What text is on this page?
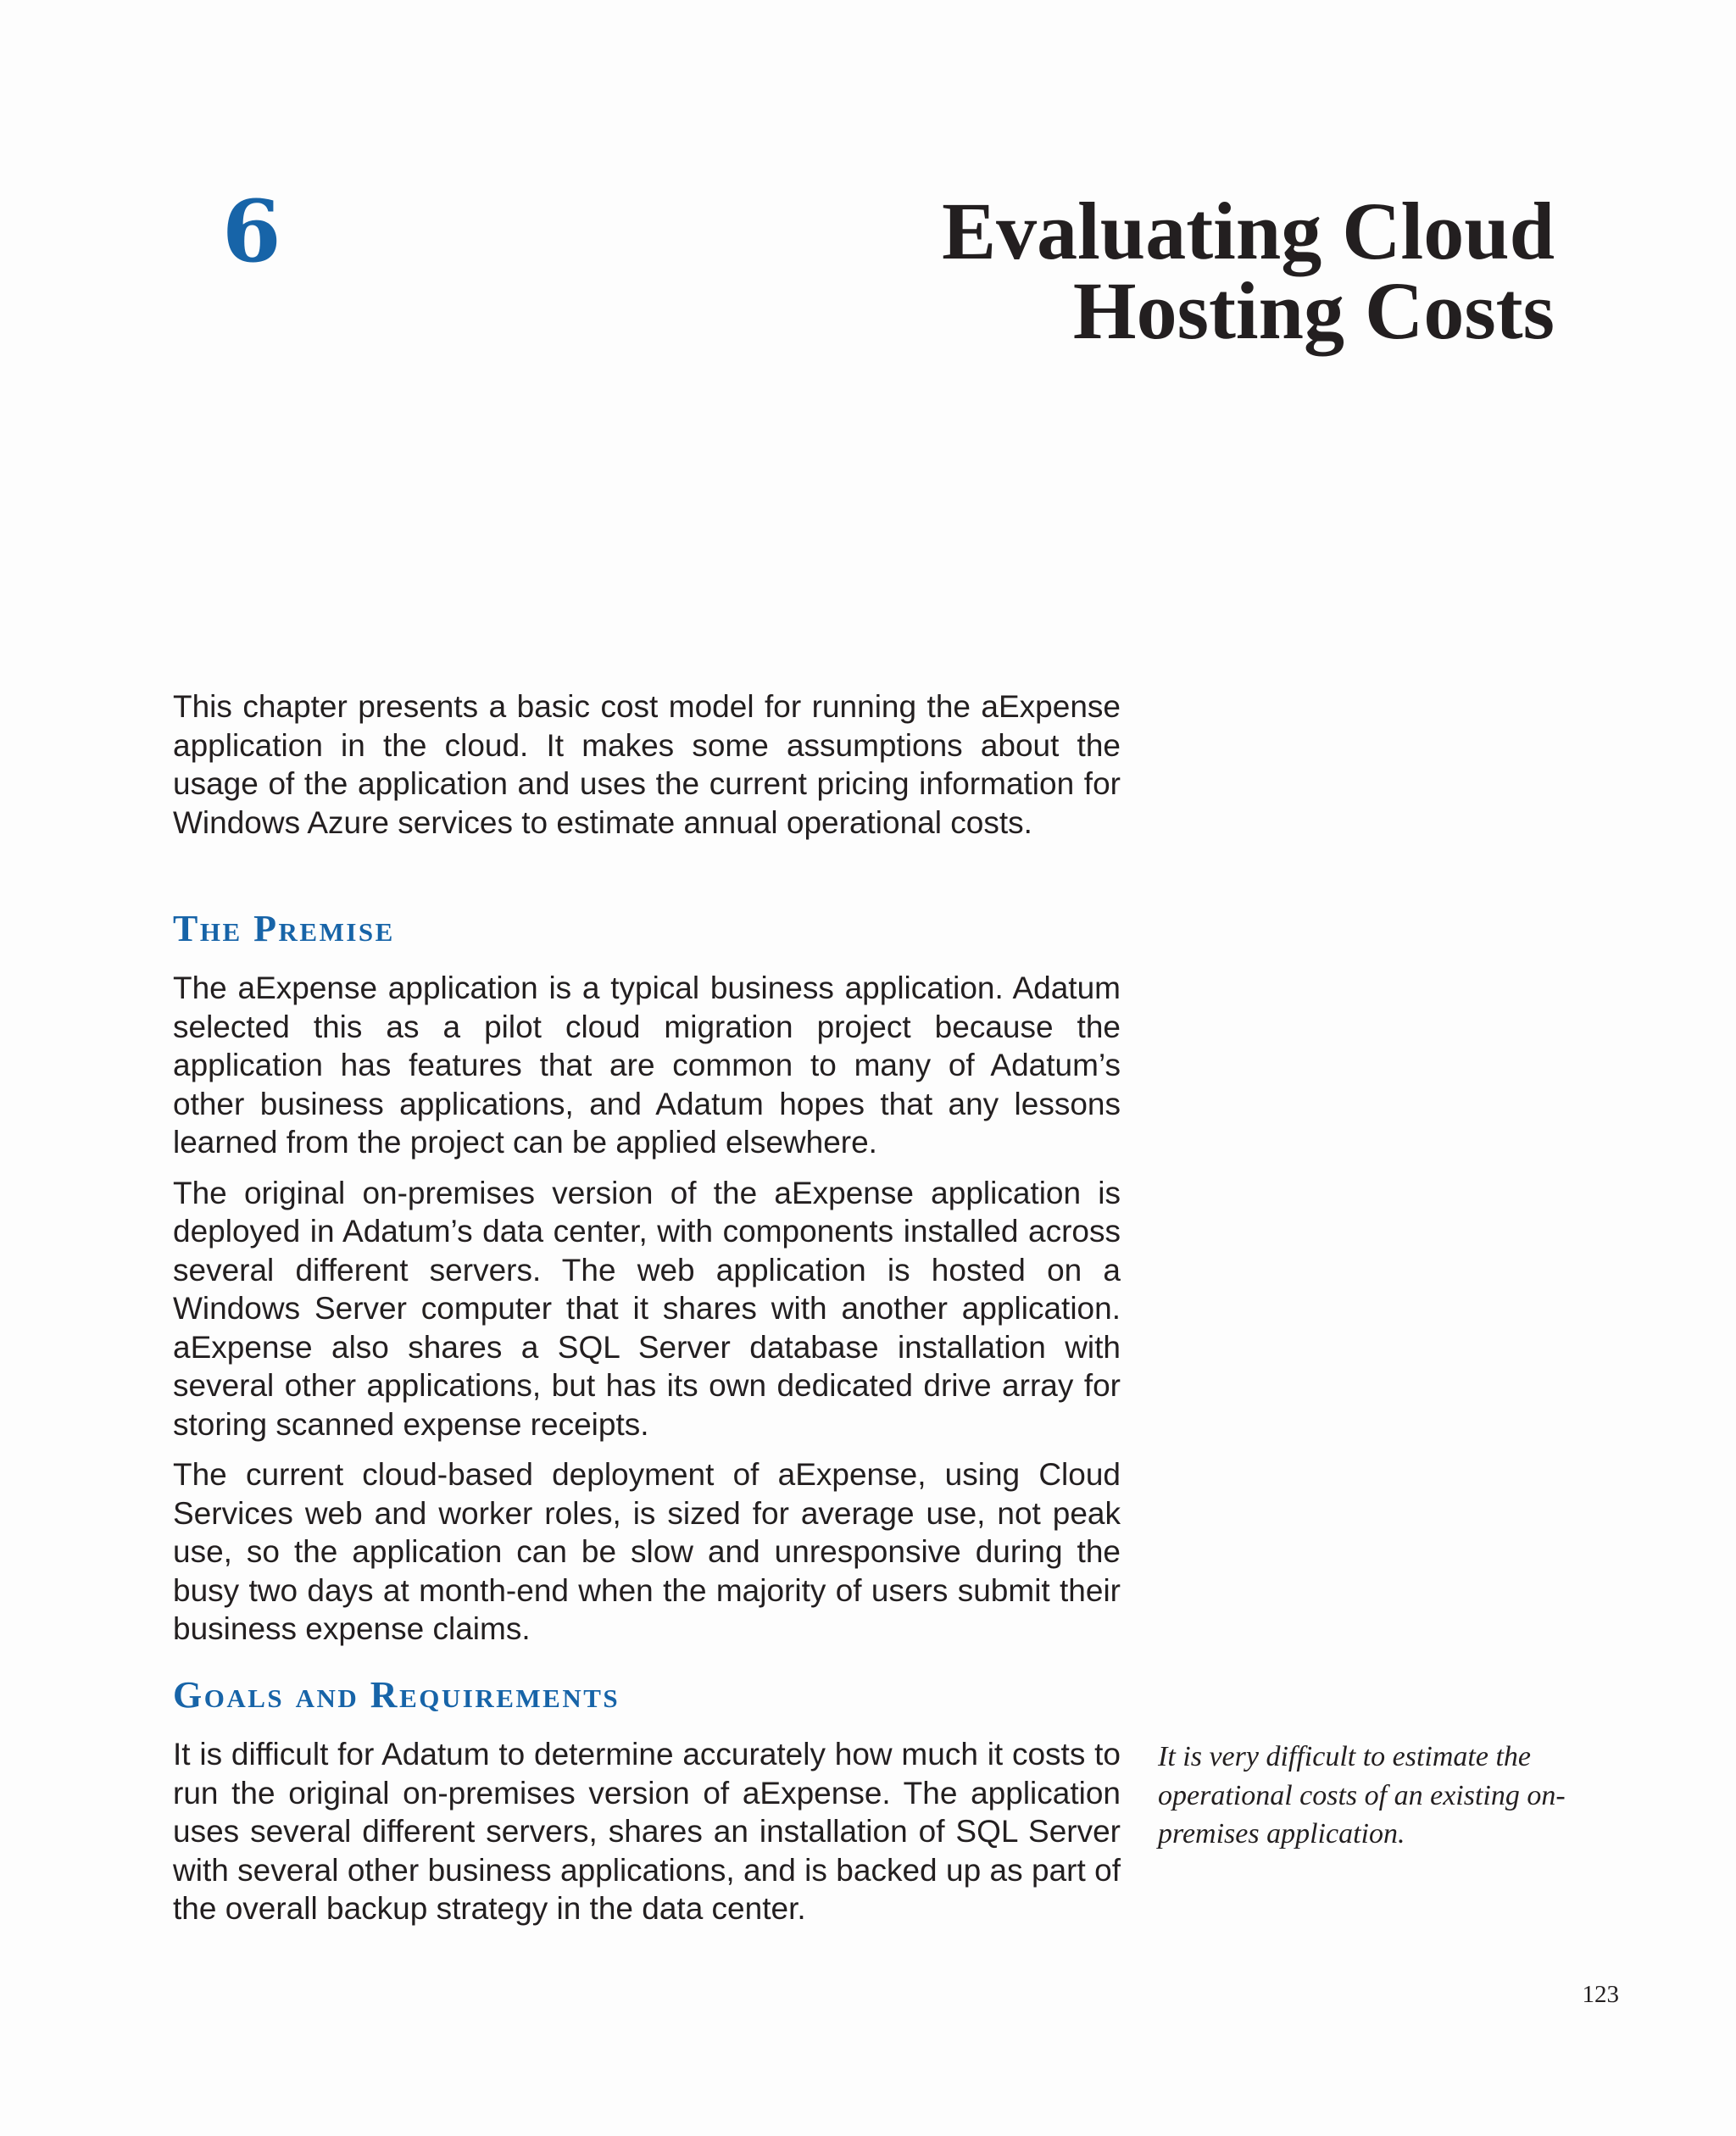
6	Evaluating Cloud
Hosting Costs

This chapter presents a basic cost model for running the aExpense application in the cloud. It makes some assumptions about the usage of the application and uses the current pricing information for Windows Azure services to estimate annual operational costs.

The Premise

The aExpense application is a typical business application. Adatum selected this as a pilot cloud migration project because the application has features that are common to many of Adatum’s other business applications, and Adatum hopes that any lessons learned from the project can be applied elsewhere.

The original on-premises version of the aExpense application is deployed in Adatum’s data center, with components installed across several different servers. The web application is hosted on a Windows Server computer that it shares with another application. aExpense also shares a SQL Server database installation with several other applications, but has its own dedicated drive array for storing scanned expense receipts.

The current cloud-based deployment of aExpense, using Cloud Services web and worker roles, is sized for average use, not peak use, so the application can be slow and unresponsive during the busy two days at month-end when the majority of users submit their business expense claims.

Goals and Requirements

It is difficult for Adatum to determine accurately how much it costs to run the original on-premises version of aExpense. The application uses several different servers, shares an installation of SQL Server with several other business applications, and is backed up as part of the overall backup strategy in the data center.

It is very difficult to estimate the operational costs of an existing on-premises application.
123
